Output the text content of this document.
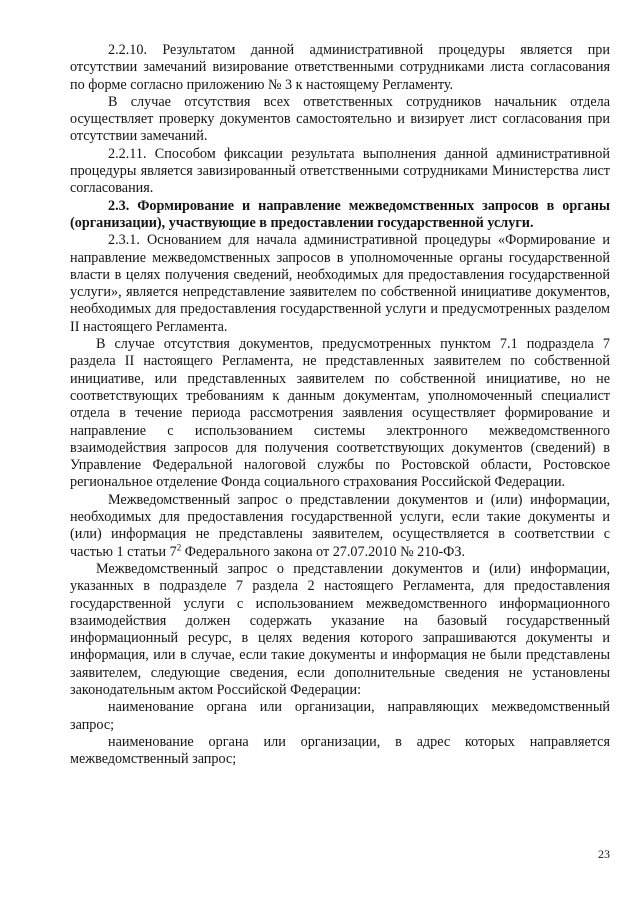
2.2.10. Результатом данной административной процедуры является при отсутствии замечаний визирование ответственными сотрудниками листа согласования по форме согласно приложению № 3 к настоящему Регламенту.

В случае отсутствия всех ответственных сотрудников начальник отдела осуществляет проверку документов самостоятельно и визирует лист согласования при отсутствии замечаний.

2.2.11. Способом фиксации результата выполнения данной административной процедуры является завизированный ответственными сотрудниками Министерства лист согласования.

2.3. Формирование и направление межведомственных запросов в органы (организации), участвующие в предоставлении государственной услуги.

2.3.1. Основанием для начала административной процедуры «Формирование и направление межведомственных запросов в уполномоченные органы государственной власти в целях получения сведений, необходимых для предоставления государственной услуги», является непредставление заявителем по собственной инициативе документов, необходимых для предоставления государственной услуги и предусмотренных разделом II настоящего Регламента.

В случае отсутствия документов, предусмотренных пунктом 7.1 подраздела 7 раздела II настоящего Регламента, не представленных заявителем по собственной инициативе, или представленных заявителем по собственной инициативе, но не соответствующих требованиям к данным документам, уполномоченный специалист отдела в течение периода рассмотрения заявления осуществляет формирование и направление с использованием системы электронного межведомственного взаимодействия запросов для получения соответствующих документов (сведений) в Управление Федеральной налоговой службы по Ростовской области, Ростовское региональное отделение Фонда социального страхования Российской Федерации.

Межведомственный запрос о представлении документов и (или) информации, необходимых для предоставления государственной услуги, если такие документы и (или) информация не представлены заявителем, осуществляется в соответствии с частью 1 статьи $7^2$ Федерального закона от 27.07.2010 № 210-ФЗ.

Межведомственный запрос о представлении документов и (или) информации, указанных в подразделе 7 раздела 2 настоящего Регламента, для предоставления государственной услуги с использованием межведомственного информационного взаимодействия должен содержать указание на базовый государственный информационный ресурс, в целях ведения которого запрашиваются документы и информация, или в случае, если такие документы и информация не были представлены заявителем, следующие сведения, если дополнительные сведения не установлены законодательным актом Российской Федерации:

наименование органа или организации, направляющих межведомственный запрос;

наименование органа или организации, в адрес которых направляется межведомственный запрос;

23
